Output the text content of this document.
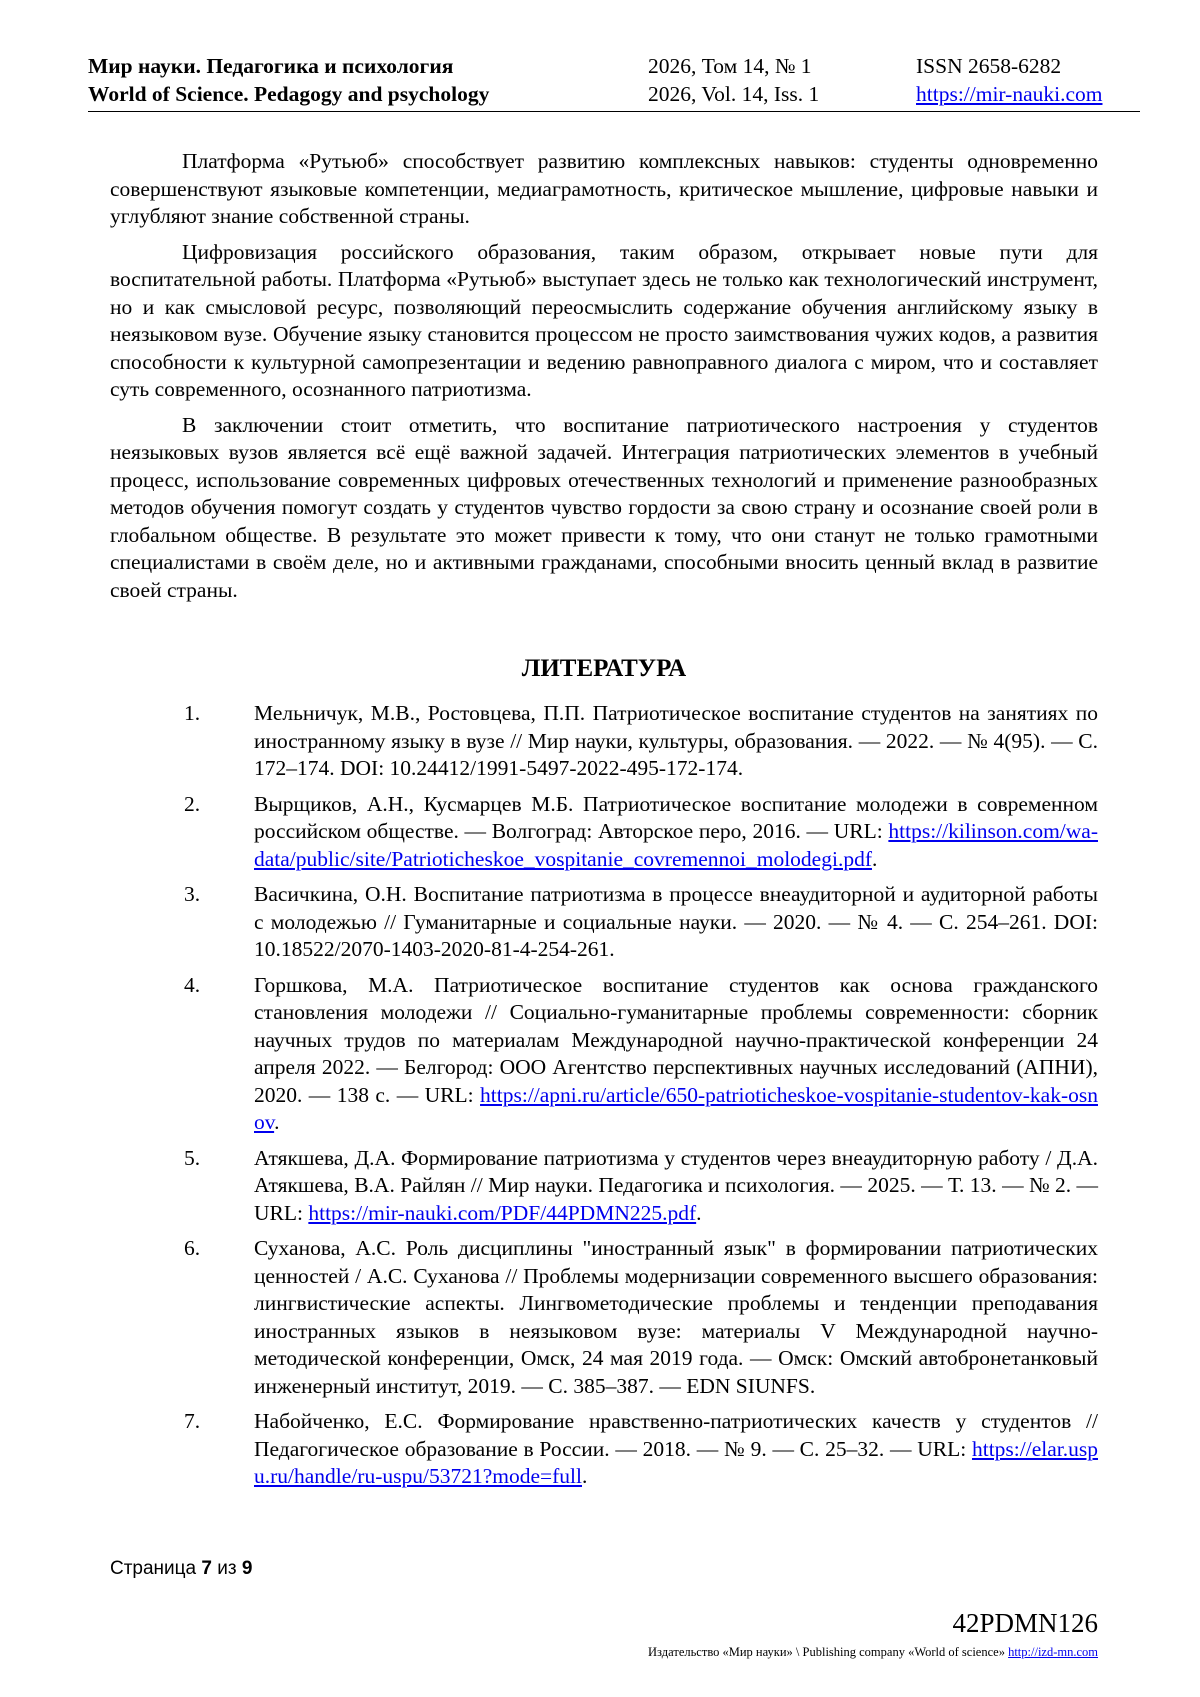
Мир науки. Педагогика и психология	2026, Том 14, № 1	ISSN 2658-6282
World of Science. Pedagogy and psychology	2026, Vol. 14, Iss. 1	https://mir-nauki.com

Платформа «Рутьюб» способствует развитию комплексных навыков: студенты одновременно совершенствуют языковые компетенции, медиаграмотность, критическое мышление, цифровые навыки и углубляют знание собственной страны.

Цифровизация российского образования, таким образом, открывает новые пути для воспитательной работы. Платформа «Рутьюб» выступает здесь не только как технологический инструмент, но и как смысловой ресурс, позволяющий переосмыслить содержание обучения английскому языку в неязыковом вузе. Обучение языку становится процессом не просто заимствования чужих кодов, а развития способности к культурной самопрезентации и ведению равноправного диалога с миром, что и составляет суть современного, осознанного патриотизма.

В заключении стоит отметить, что воспитание патриотического настроения у студентов неязыковых вузов является всё ещё важной задачей. Интеграция патриотических элементов в учебный процесс, использование современных цифровых отечественных технологий и применение разнообразных методов обучения помогут создать у студентов чувство гордости за свою страну и осознание своей роли в глобальном обществе. В результате это может привести к тому, что они станут не только грамотными специалистами в своём деле, но и активными гражданами, способными вносить ценный вклад в развитие своей страны.

ЛИТЕРАТУРА
1.	Мельничук, М.В., Ростовцева, П.П. Патриотическое воспитание студентов на занятиях по иностранному языку в вузе // Мир науки, культуры, образования. — 2022. — № 4(95). — С. 172–174. DOI: 10.24412/1991-5497-2022-495-172-174.
2.	Вырщиков, А.Н., Кусмарцев М.Б. Патриотическое воспитание молодежи в современном российском обществе. — Волгоград: Авторское перо, 2016. — URL: https://kilinson.com/wa-data/public/site/Patrioticheskoe_vospitanie_covremennoi_molodegi.pdf.
3.	Васичкина, О.Н. Воспитание патриотизма в процессе внеаудиторной и аудиторной работы с молодежью // Гуманитарные и социальные науки. — 2020. — № 4. — С. 254–261. DOI: 10.18522/2070-1403-2020-81-4-254-261.
4.	Горшкова, М.А. Патриотическое воспитание студентов как основа гражданского становления молодежи // Социально-гуманитарные проблемы современности: сборник научных трудов по материалам Международной научно-практической конференции 24 апреля 2022. — Белгород: ООО Агентство перспективных научных исследований (АПНИ), 2020. — 138 с. — URL: https://apni.ru/article/650-patrioticheskoe-vospitanie-studentov-kak-osnov.
5.	Атякшева, Д.А. Формирование патриотизма у студентов через внеаудиторную работу / Д.А. Атякшева, В.А. Райлян // Мир науки. Педагогика и психология. — 2025. — Т. 13. — № 2. — URL: https://mir-nauki.com/PDF/44PDMN225.pdf.
6.	Суханова, А.С. Роль дисциплины "иностранный язык" в формировании патриотических ценностей / А.С. Суханова // Проблемы модернизации современного высшего образования: лингвистические аспекты. Лингвометодические проблемы и тенденции преподавания иностранных языков в неязыковом вузе: материалы V Международной научно-методической конференции, Омск, 24 мая 2019 года. — Омск: Омский автобронетанковый инженерный институт, 2019. — С. 385–387. — EDN SIUNFS.
7.	Набойченко, Е.С. Формирование нравственно-патриотических качеств у студентов // Педагогическое образование в России. — 2018. — № 9. — С. 25–32. — URL: https://elar.uspu.ru/handle/ru-uspu/53721?mode=full.
Страница 7 из 9
42PDMN126
Издательство «Мир науки» \ Publishing company «World of science» http://izd-mn.com
